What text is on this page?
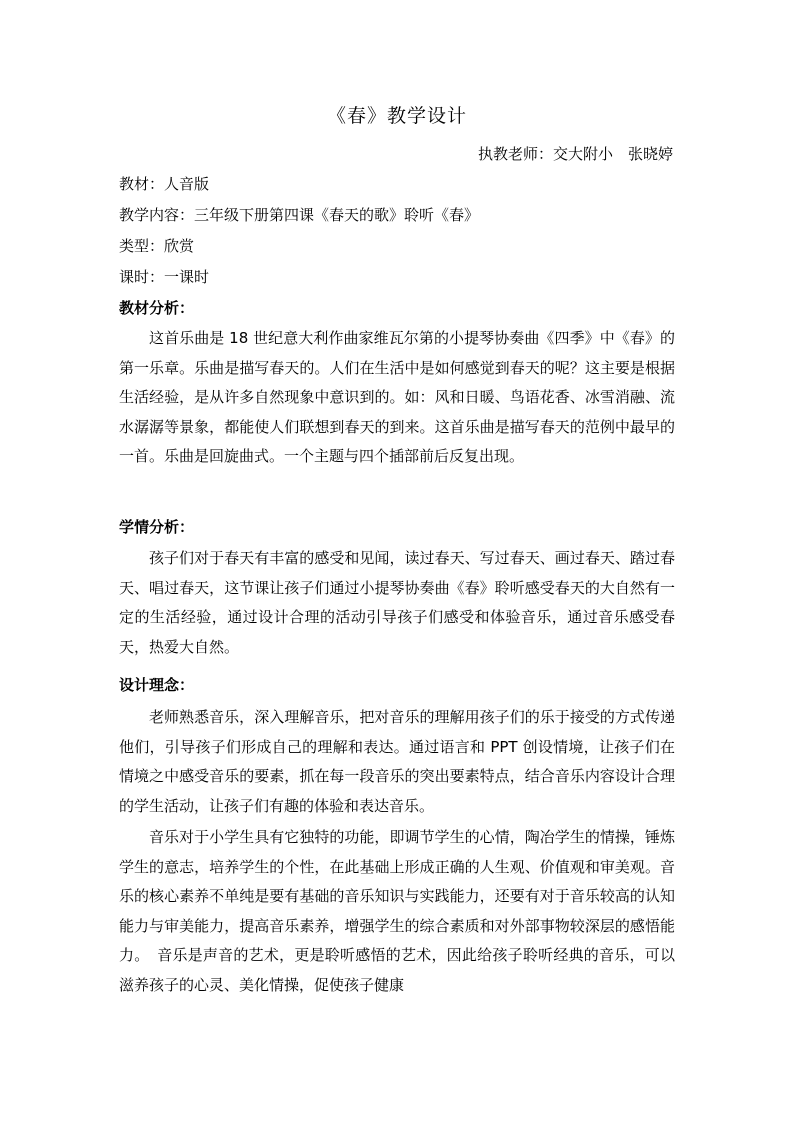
《春》教学设计
执教老师：交大附小　张晓婷
教材：人音版
教学内容：三年级下册第四课《春天的歌》聆听《春》
类型：欣赏
课时：一课时
教材分析：
这首乐曲是 18 世纪意大利作曲家维瓦尔第的小提琴协奏曲《四季》中《春》的第一乐章。乐曲是描写春天的。人们在生活中是如何感觉到春天的呢？这主要是根据生活经验，是从许多自然现象中意识到的。如：风和日暖、鸟语花香、冰雪消融、流水潺潺等景象，都能使人们联想到春天的到来。这首乐曲是描写春天的范例中最早的一首。乐曲是回旋曲式。一个主题与四个插部前后反复出现。
学情分析：
孩子们对于春天有丰富的感受和见闻，读过春天、写过春天、画过春天、踏过春天、唱过春天，这节课让孩子们通过小提琴协奏曲《春》聆听感受春天的大自然有一定的生活经验，通过设计合理的活动引导孩子们感受和体验音乐，通过音乐感受春天，热爱大自然。
设计理念：
老师熟悉音乐，深入理解音乐，把对音乐的理解用孩子们的乐于接受的方式传递他们，引导孩子们形成自己的理解和表达。通过语言和 PPT 创设情境，让孩子们在情境之中感受音乐的要素，抓在每一段音乐的突出要素特点，结合音乐内容设计合理的学生活动，让孩子们有趣的体验和表达音乐。
音乐对于小学生具有它独特的功能，即调节学生的心情，陶冶学生的情操，锤炼学生的意志，培养学生的个性，在此基础上形成正确的人生观、价值观和审美观。音乐的核心素养不单纯是要有基础的音乐知识与实践能力，还要有对于音乐较高的认知能力与审美能力，提高音乐素养，增强学生的综合素质和对外部事物较深层的感悟能力。　音乐是声音的艺术，更是聆听感悟的艺术，因此给孩子聆听经典的音乐，可以滋养孩子的心灵、美化情操，促使孩子健康
